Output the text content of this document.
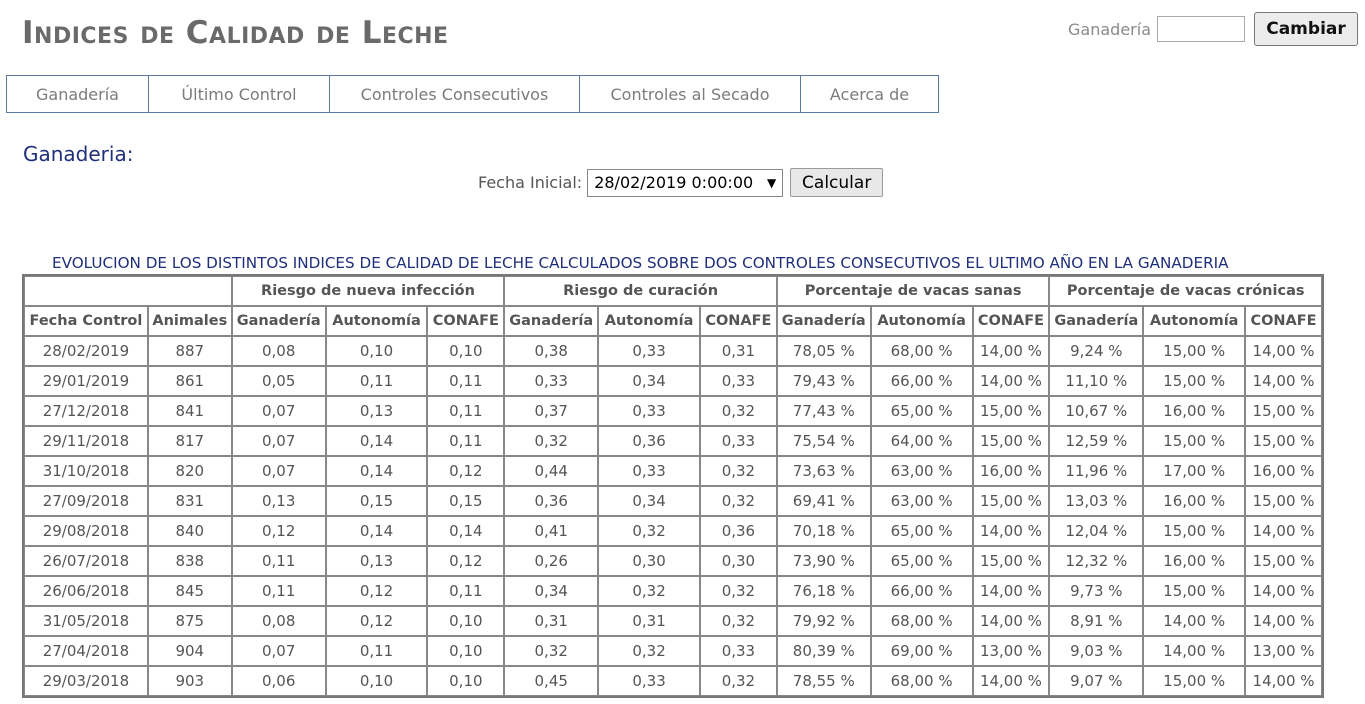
Indices de Calidad de Leche	Ganadería	Cambiar
Ganadería	Último Control	Controles Consecutivos	Controles al Secado	Acerca de
Ganaderia:
Fecha Inicial: 28/02/2019 0:00:00	▼	Calcular
EVOLUCION DE LOS DISTINTOS INDICES DE CALIDAD DE LECHE CALCULADOS SOBRE DOS CONTROLES CONSECUTIVOS EL ULTIMO AÑO EN LA GANADERIA
		Riesgo de nueva infección			Riesgo de curación			Porcentaje de vacas sanas			Porcentaje de vacas crónicas		
Fecha Control	Animales	Ganadería	Autonomía	CONAFE	Ganadería	Autonomía	CONAFE	Ganadería	Autonomía	CONAFE	Ganadería	Autonomía	CONAFE
28/02/2019	887	0,08	0,10	0,10	0,38	0,33	0,31	78,05 %	68,00 %	14,00 %	9,24 %	15,00 %	14,00 %
29/01/2019	861	0,05	0,11	0,11	0,33	0,34	0,33	79,43 %	66,00 %	14,00 %	11,10 %	15,00 %	14,00 %
27/12/2018	841	0,07	0,13	0,11	0,37	0,33	0,32	77,43 %	65,00 %	15,00 %	10,67 %	16,00 %	15,00 %
29/11/2018	817	0,07	0,14	0,11	0,32	0,36	0,33	75,54 %	64,00 %	15,00 %	12,59 %	15,00 %	15,00 %
31/10/2018	820	0,07	0,14	0,12	0,44	0,33	0,32	73,63 %	63,00 %	16,00 %	11,96 %	17,00 %	16,00 %
27/09/2018	831	0,13	0,15	0,15	0,36	0,34	0,32	69,41 %	63,00 %	15,00 %	13,03 %	16,00 %	15,00 %
29/08/2018	840	0,12	0,14	0,14	0,41	0,32	0,36	70,18 %	65,00 %	14,00 %	12,04 %	15,00 %	14,00 %
26/07/2018	838	0,11	0,13	0,12	0,26	0,30	0,30	73,90 %	65,00 %	15,00 %	12,32 %	16,00 %	15,00 %
26/06/2018	845	0,11	0,12	0,11	0,34	0,32	0,32	76,18 %	66,00 %	14,00 %	9,73 %	15,00 %	14,00 %
31/05/2018	875	0,08	0,12	0,10	0,31	0,31	0,32	79,92 %	68,00 %	14,00 %	8,91 %	14,00 %	14,00 %
27/04/2018	904	0,07	0,11	0,10	0,32	0,32	0,33	80,39 %	69,00 %	13,00 %	9,03 %	14,00 %	13,00 %
29/03/2018	903	0,06	0,10	0,10	0,45	0,33	0,32	78,55 %	68,00 %	14,00 %	9,07 %	15,00 %	14,00 %
